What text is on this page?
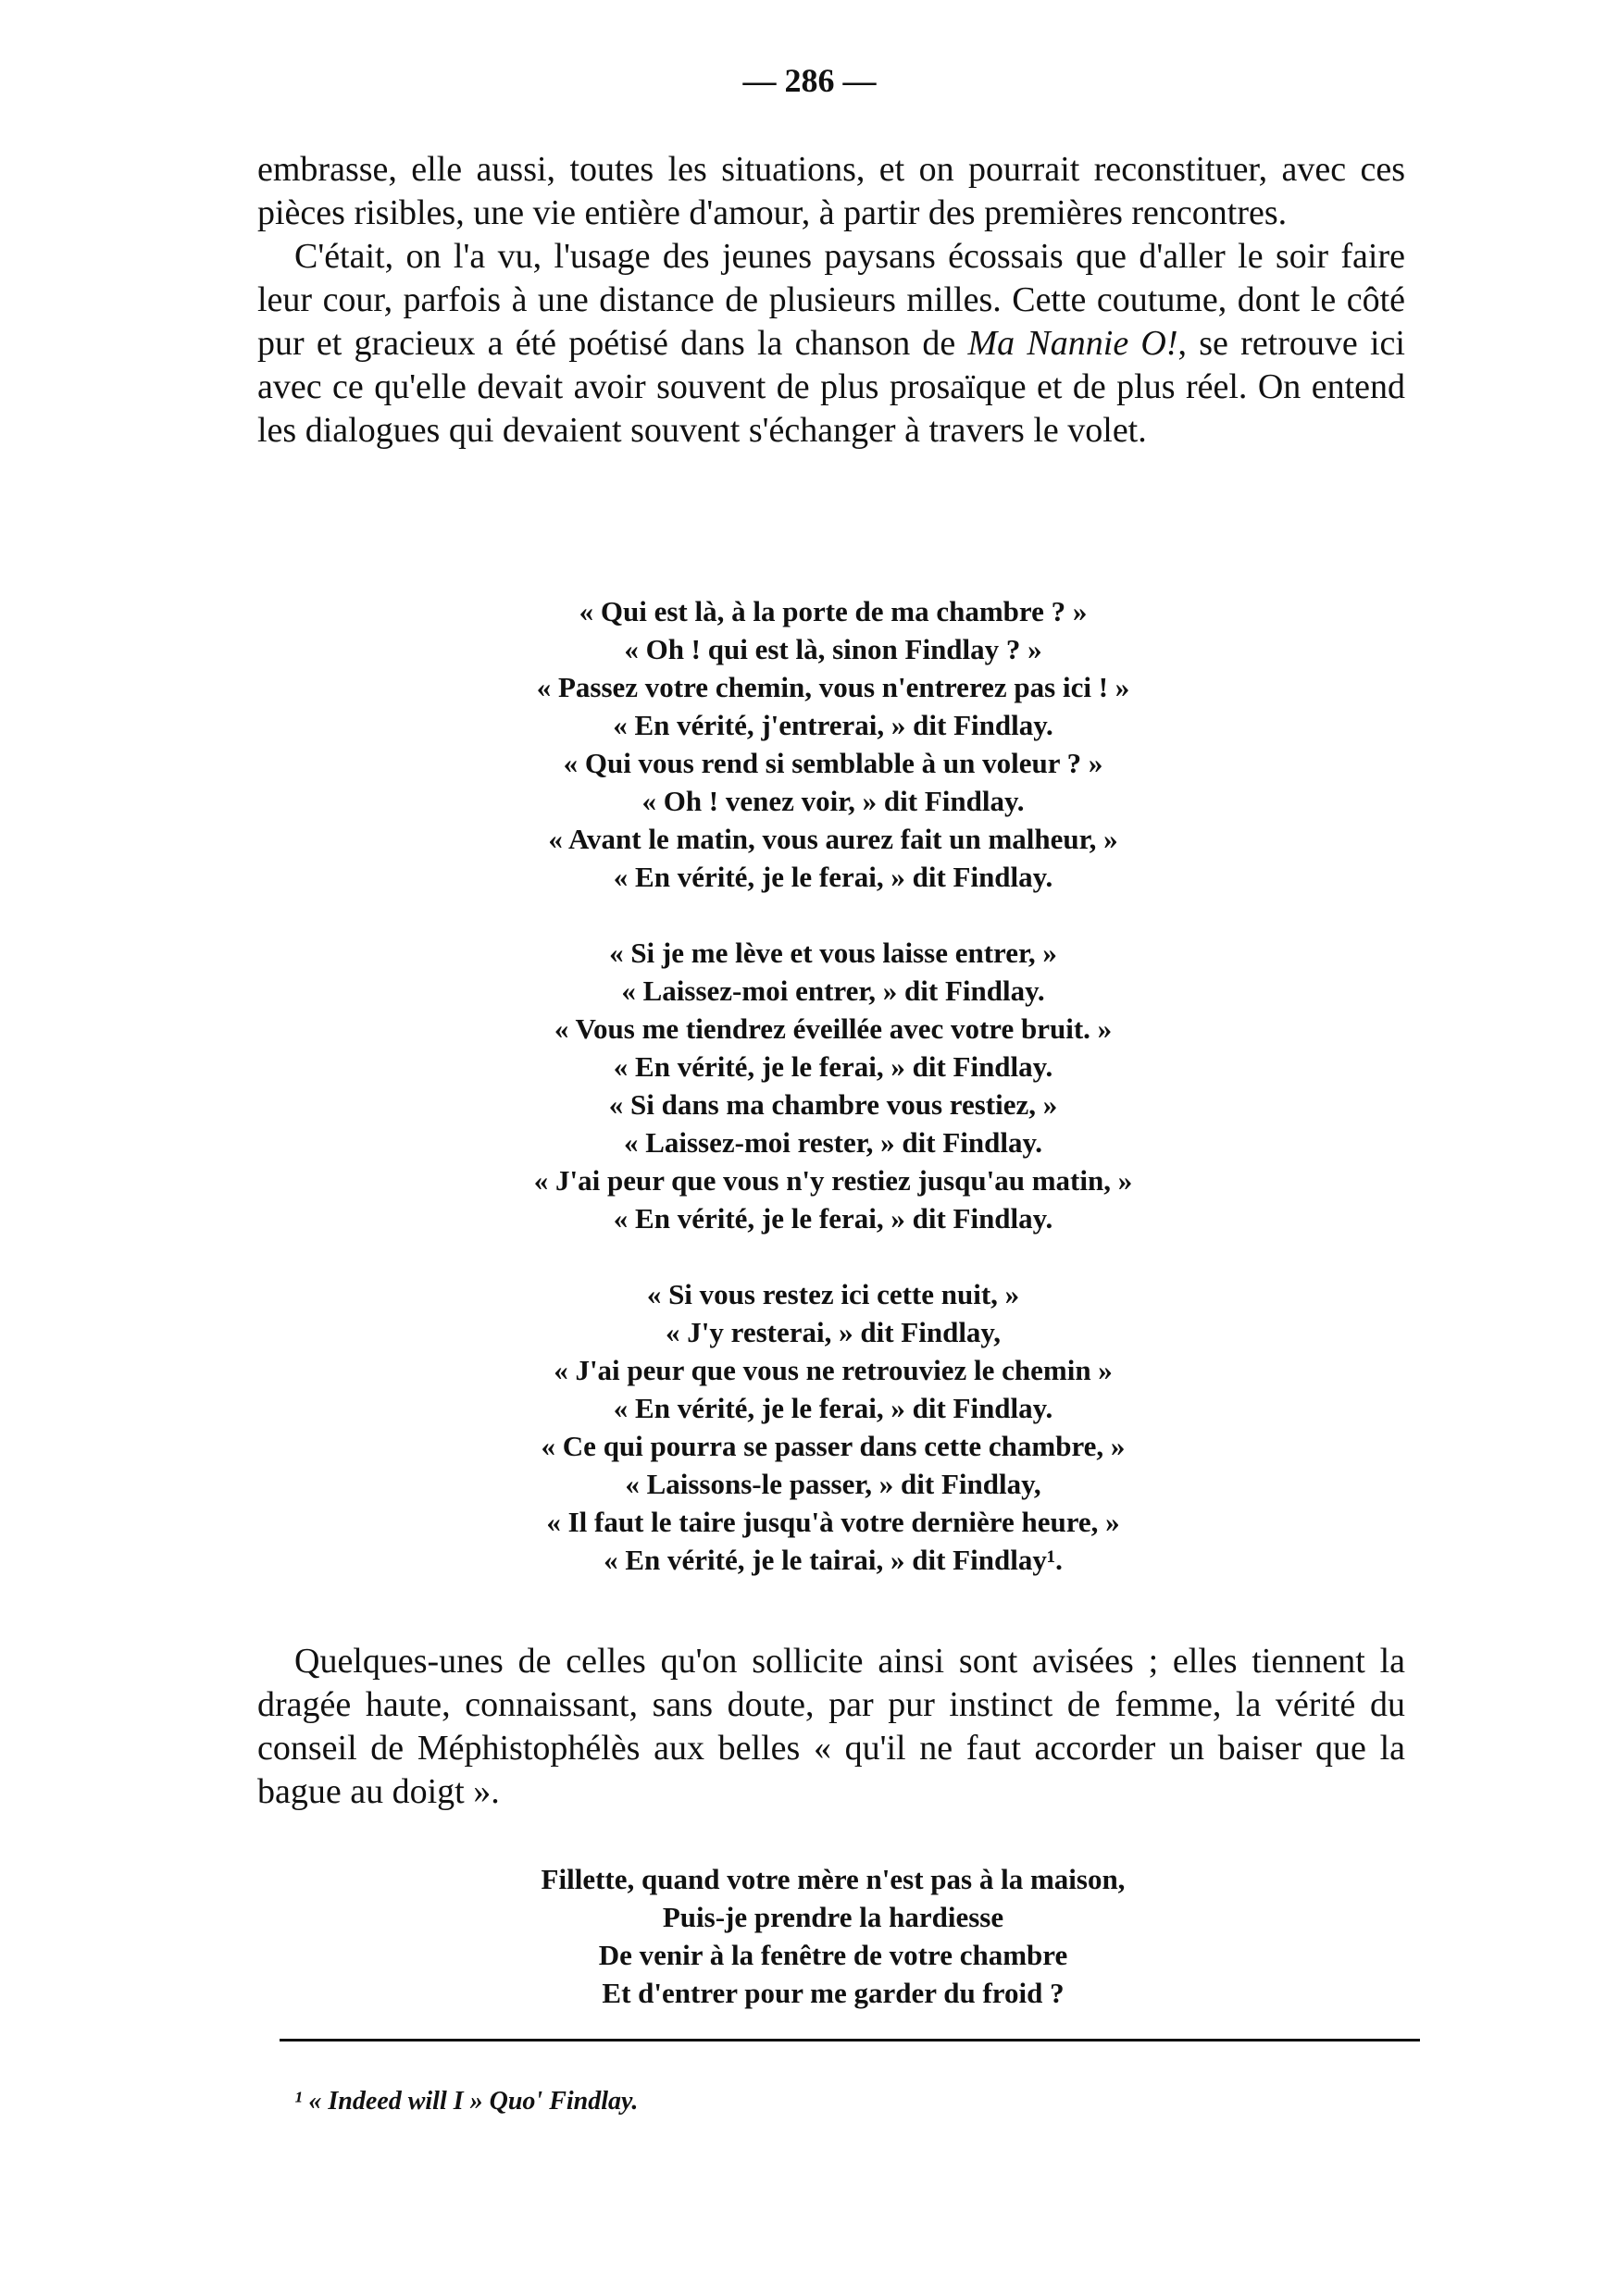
— 286 —

embrasse, elle aussi, toutes les situations, et on pourrait reconstituer, avec ces pièces risibles, une vie entière d'amour, à partir des premières rencontres.

C'était, on l'a vu, l'usage des jeunes paysans écossais que d'aller le soir faire leur cour, parfois à une distance de plusieurs milles. Cette coutume, dont le côté pur et gracieux a été poétisé dans la chanson de Ma Nannie O!, se retrouve ici avec ce qu'elle devait avoir souvent de plus prosaïque et de plus réel. On entend les dialogues qui devaient souvent s'échanger à travers le volet.

« Qui est là, à la porte de ma chambre ? »
« Oh ! qui est là, sinon Findlay ? »
« Passez votre chemin, vous n'entrerez pas ici ! »
« En vérité, j'entrerai, » dit Findlay.
« Qui vous rend si semblable à un voleur ? »
« Oh ! venez voir, » dit Findlay.
« Avant le matin, vous aurez fait un malheur, »
« En vérité, je le ferai, » dit Findlay.
« Si je me lève et vous laisse entrer, »
« Laissez-moi entrer, » dit Findlay.
« Vous me tiendrez éveillée avec votre bruit. »
« En vérité, je le ferai, » dit Findlay.
« Si dans ma chambre vous restiez, »
« Laissez-moi rester, » dit Findlay.
« J'ai peur que vous n'y restiez jusqu'au matin, »
« En vérité, je le ferai, » dit Findlay.
« Si vous restez ici cette nuit, »
« J'y resterai, » dit Findlay,
« J'ai peur que vous ne retrouviez le chemin »
« En vérité, je le ferai, » dit Findlay.
« Ce qui pourra se passer dans cette chambre, »
« Laissons-le passer, » dit Findlay,
« Il faut le taire jusqu'à votre dernière heure, »
« En vérité, je le tairai, » dit Findlay¹.

Quelques-unes de celles qu'on sollicite ainsi sont avisées ; elles tiennent la dragée haute, connaissant, sans doute, par pur instinct de femme, la vérité du conseil de Méphistophélès aux belles « qu'il ne faut accorder un baiser que la bague au doigt ».

Fillette, quand votre mère n'est pas à la maison,
Puis-je prendre la hardiesse
De venir à la fenêtre de votre chambre
Et d'entrer pour me garder du froid ?
¹ « Indeed will I » Quo' Findlay.
